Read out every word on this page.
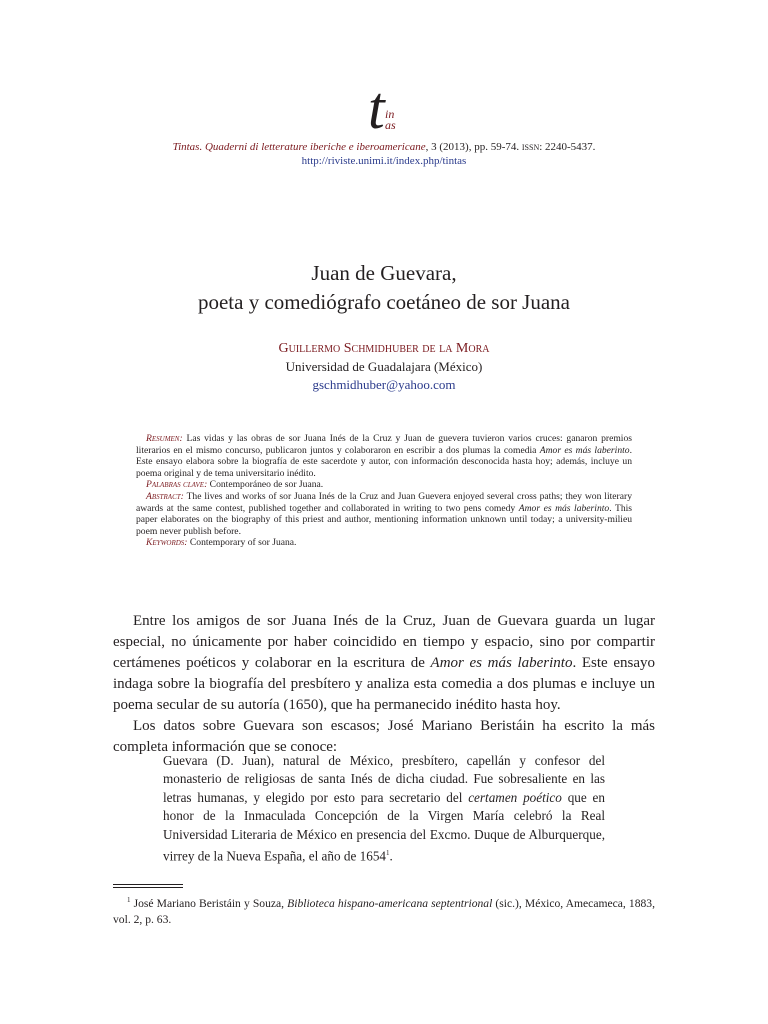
t in
as
Tintas. Quaderni di letterature iberiche e iberoamericane, 3 (2013), pp. 59-74. issn: 2240-5437.
http://riviste.unimi.it/index.php/tintas
Juan de Guevara,
poeta y comediógrafo coetáneo de sor Juana
Guillermo Schmidhuber de la Mora
Universidad de Guadalajara (México)
gschmidhuber@yahoo.com

Resumen: Las vidas y las obras de sor Juana Inés de la Cruz y Juan de guevera tuvieron varios cruces: ganaron premios literarios en el mismo concurso, publicaron juntos y colaboraron en escribir a dos plumas la comedia Amor es más laberinto. Este ensayo elabora sobre la biografía de este sacerdote y autor, con información desconocida hasta hoy; además, incluye un poema original y de tema universitario inédito.

Palabras clave: Contemporáneo de sor Juana.

Abstract: The lives and works of sor Juana Inés de la Cruz and Juan Guevera enjoyed several cross paths; they won literary awards at the same contest, published together and collaborated in writing to two pens comedy Amor es más laberinto. This paper elaborates on the biography of this priest and author, mentioning information unknown until today; a university-milieu poem never publish before.

Keywords: Contemporary of sor Juana.

Entre los amigos de sor Juana Inés de la Cruz, Juan de Guevara guarda un lugar especial, no únicamente por haber coincidido en tiempo y espacio, sino por compartir certámenes poéticos y colaborar en la escritura de Amor es más laberinto. Este ensayo indaga sobre la biografía del presbítero y analiza esta comedia a dos plumas e incluye un poema secular de su autoría (1650), que ha permanecido inédito hasta hoy.

Los datos sobre Guevara son escasos; José Mariano Beristáin ha escrito la más completa información que se conoce:

Guevara (D. Juan), natural de México, presbítero, capellán y confesor del monasterio de religiosas de santa Inés de dicha ciudad. Fue sobresaliente en las letras humanas, y elegido por esto para secretario del certamen poético que en honor de la Inmaculada Concepción de la Virgen María celebró la Real Universidad Literaria de México en presencia del Excmo. Duque de Alburquerque, virrey de la Nueva España, el año de 1654$^1$.

$^1$ José Mariano Beristáin y Souza, Biblioteca hispano-americana septentrional (sic.), México, Amecameca, 1883, vol. 2, p. 63.
